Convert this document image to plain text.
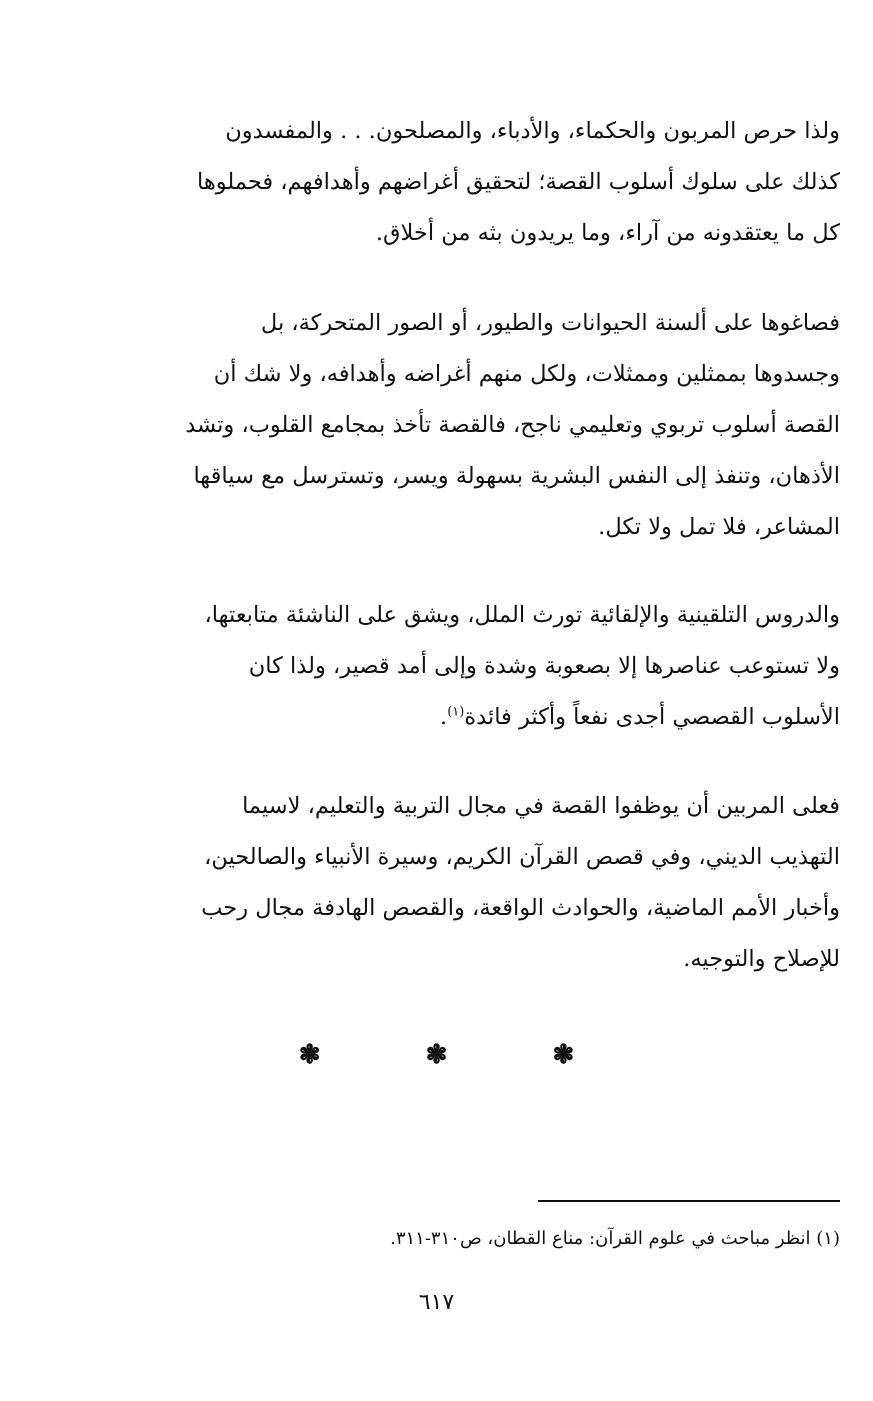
ولذا حرص المربون والحكماء، والأدباء، والمصلحون. . . والمفسدون
كذلك على سلوك أسلوب القصة؛ لتحقيق أغراضهم وأهدافهم، فحملوها
كل ما يعتقدونه من آراء، وما يريدون بثه من أخلاق.

فصاغوها على ألسنة الحيوانات والطيور، أو الصور المتحركة، بل
وجسدوها بممثلين وممثلات، ولكل منهم أغراضه وأهدافه، ولا شك أن
القصة أسلوب تربوي وتعليمي ناجح، فالقصة تأخذ بمجامع القلوب، وتشد
الأذهان، وتنفذ إلى النفس البشرية بسهولة ويسر، وتسترسل مع سياقها
المشاعر، فلا تمل ولا تكل.

والدروس التلقينية والإلقائية تورث الملل، ويشق على الناشئة متابعتها،
ولا تستوعب عناصرها إلا بصعوبة وشدة وإلى أمد قصير، ولذا كان
الأسلوب القصصي أجدى نفعاً وأكثر فائدة$^{(١)}$.

فعلى المربين أن يوظفوا القصة في مجال التربية والتعليم، لاسيما
التهذيب الديني، وفي قصص القرآن الكريم، وسيرة الأنبياء والصالحين،
وأخبار الأمم الماضية، والحوادث الواقعة، والقصص الهادفة مجال رحب
للإصلاح والتوجيه.

❃ ❃ ❃
(١) انظر مباحث في علوم القرآن: مناع القطان، ص٣١٠-٣١١.
٦١٧
